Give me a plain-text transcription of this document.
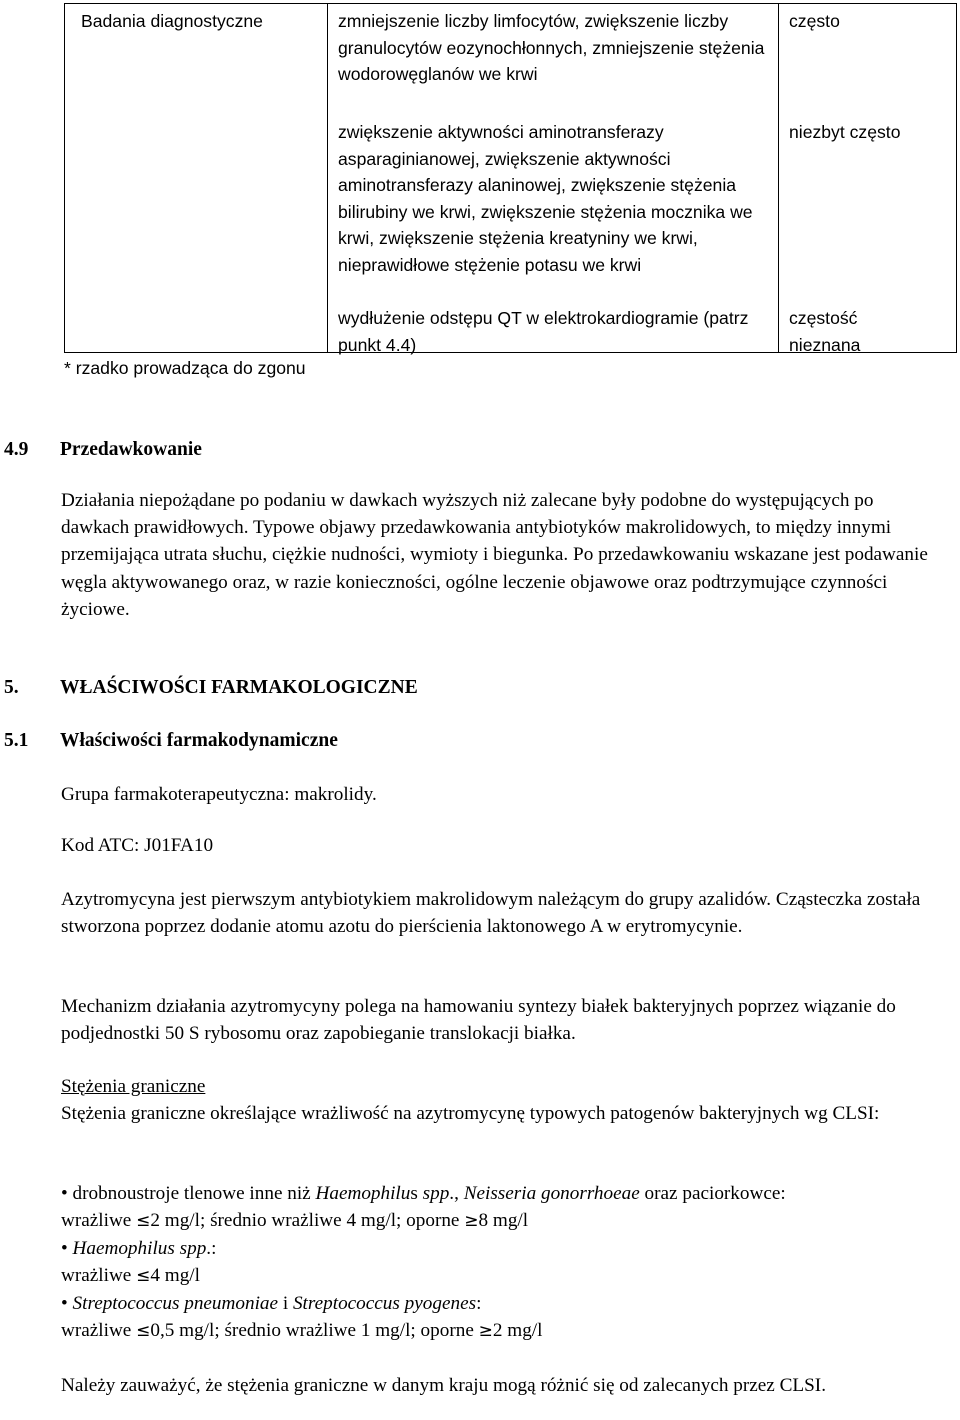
Badania diagnostyczne	zmniejszenie liczby limfocytów, zwiększenie liczby granulocytów eozynochłonnych, zmniejszenie stężenia wodorowęglanów we krwi

zwiększenie aktywności aminotransferazy asparaginianowej, zwiększenie aktywności aminotransferazy alaninowej, zwiększenie stężenia bilirubiny we krwi, zwiększenie stężenia mocznika we krwi, zwiększenie stężenia kreatyniny we krwi, nieprawidłowe stężenie potasu we krwi

wydłużenie odstępu QT w elektrokardiogramie (patrz punkt 4.4)

często

niezbyt często

częstość nieznana

* rzadko prowadząca do zgonu

4.9 Przedawkowanie

Działania niepożądane po podaniu w dawkach wyższych niż zalecane były podobne do występujących po dawkach prawidłowych. Typowe objawy przedawkowania antybiotyków makrolidowych, to między innymi przemijająca utrata słuchu, ciężkie nudności, wymioty i biegunka. Po przedawkowaniu wskazane jest podawanie węgla aktywowanego oraz, w razie konieczności, ogólne leczenie objawowe oraz podtrzymujące czynności życiowe.

5. WŁAŚCIWOŚCI FARMAKOLOGICZNE

5.1 Właściwości farmakodynamiczne

Grupa farmakoterapeutyczna: makrolidy.

Kod ATC: J01FA10

Azytromycyna jest pierwszym antybiotykiem makrolidowym należącym do grupy azalidów. Cząsteczka została stworzona poprzez dodanie atomu azotu do pierścienia laktonowego A w erytromycynie.

Mechanizm działania azytromycyny polega na hamowaniu syntezy białek bakteryjnych poprzez wiązanie do podjednostki 50 S rybosomu oraz zapobieganie translokacji białka.

Stężenia graniczne

Stężenia graniczne określające wrażliwość na azytromycynę typowych patogenów bakteryjnych wg CLSI:

• drobnoustroje tlenowe inne niż Haemophilus spp., Neisseria gonorrhoeae oraz paciorkowce:

wrażliwe ≤2 mg/l; średnio wrażliwe 4 mg/l; oporne ≥8 mg/l

• Haemophilus spp.:

wrażliwe ≤4 mg/l

• Streptococcus pneumoniae i Streptococcus pyogenes:

wrażliwe ≤0,5 mg/l; średnio wrażliwe 1 mg/l; oporne ≥2 mg/l

Należy zauważyć, że stężenia graniczne w danym kraju mogą różnić się od zalecanych przez CLSI.
